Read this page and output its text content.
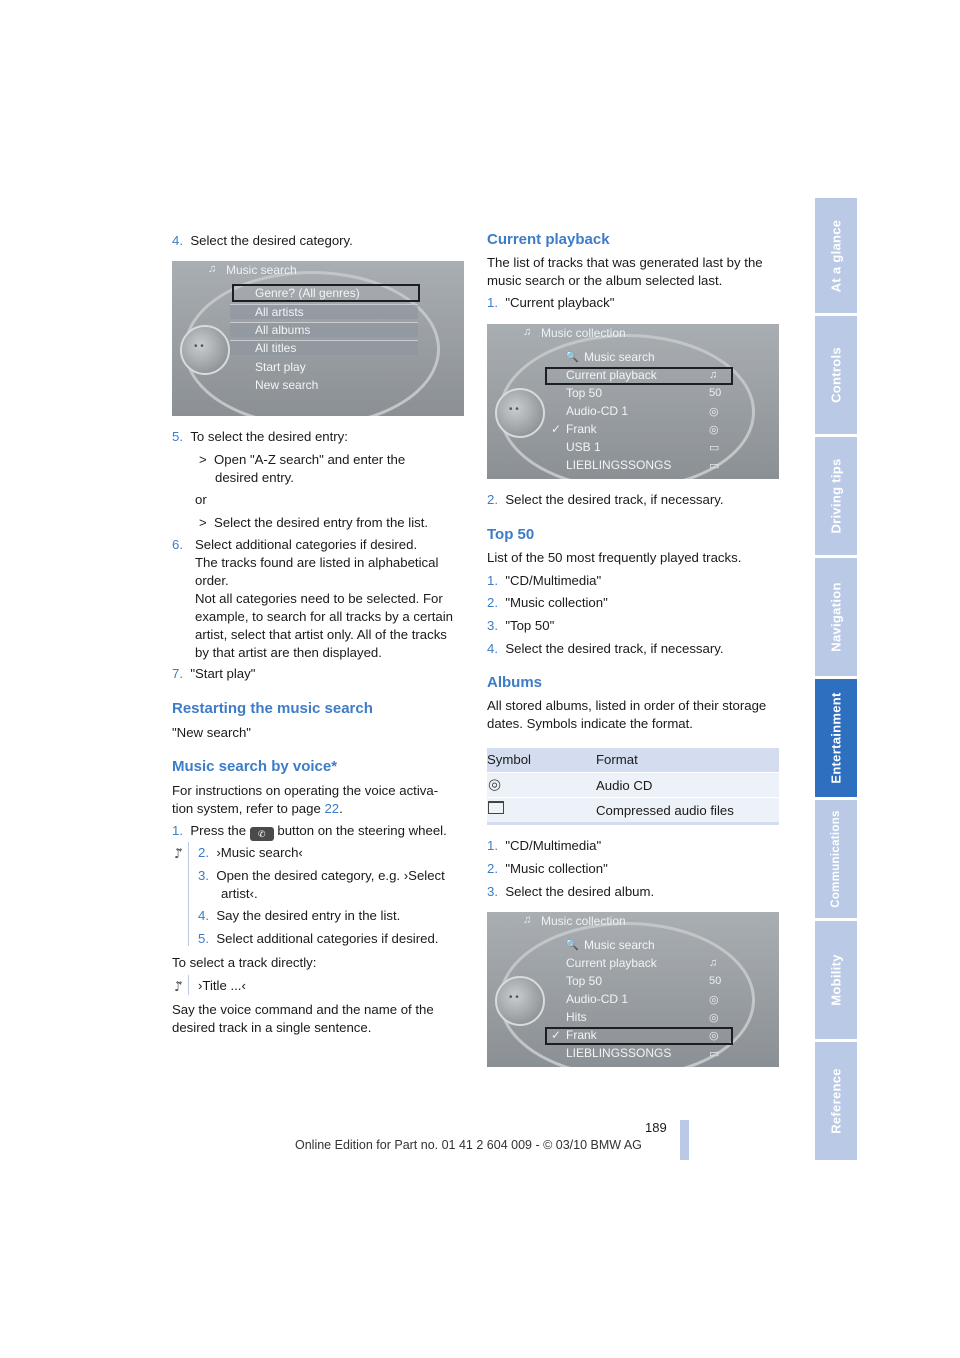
At a glance
Controls
Driving tips
Navigation
Entertainment
Communications
Mobility
Reference
4. Select the desired category.
♫ Music search
• •
Genre? (All genres)
All artists
All albums
All titles
Start play
New search
5. To select the desired entry:
> Open "A-Z search" and enter the
desired entry.
or
> Select the desired entry from the list.
6. Select additional categories if desired.
The tracks found are listed in alphabetical
order.
Not all categories need to be selected. For
example, to search for all tracks by a certain
artist, select that artist only. All of the tracks
by that artist are then displayed.
7. "Start play"
Restarting the music search
"New search"
Music search by voice*
For instructions on operating the voice activa-
tion system, refer to page 22.
1. Press the ✆ button on the steering wheel.
♪⃡ 2. ›Music search‹
3. Open the desired category, e.g. ›Select
artist‹.
4. Say the desired entry in the list.
5. Select additional categories if desired.
To select a track directly:
♪⃡ ›Title ...‹
Say the voice command and the name of the
desired track in a single sentence.
Current playback
The list of tracks that was generated last by the
music search or the album selected last.
1. "Current playback"
♫ Music collection
• •
🔍 Music search
Current playback
Top 50
Audio-CD 1
✓ Frank
USB 1
LIEBLINGSSONGS
♫
50
◎
◎
▭
▭
2. Select the desired track, if necessary.
Top 50
List of the 50 most frequently played tracks.
1. "CD/Multimedia"
2. "Music collection"
3. "Top 50"
4. Select the desired track, if necessary.
Albums
All stored albums, listed in order of their storage
dates. Symbols indicate the format.
Symbol	Format
◎	Audio CD
Compressed audio files
1. "CD/Multimedia"
2. "Music collection"
3. Select the desired album.
♫ Music collection
• •
🔍 Music search
Current playback
Top 50
Audio-CD 1
Hits
✓ Frank
LIEBLINGSSONGS
♫
50
◎
◎
◎
▭
189
Online Edition for Part no. 01 41 2 604 009 - © 03/10 BMW AG
